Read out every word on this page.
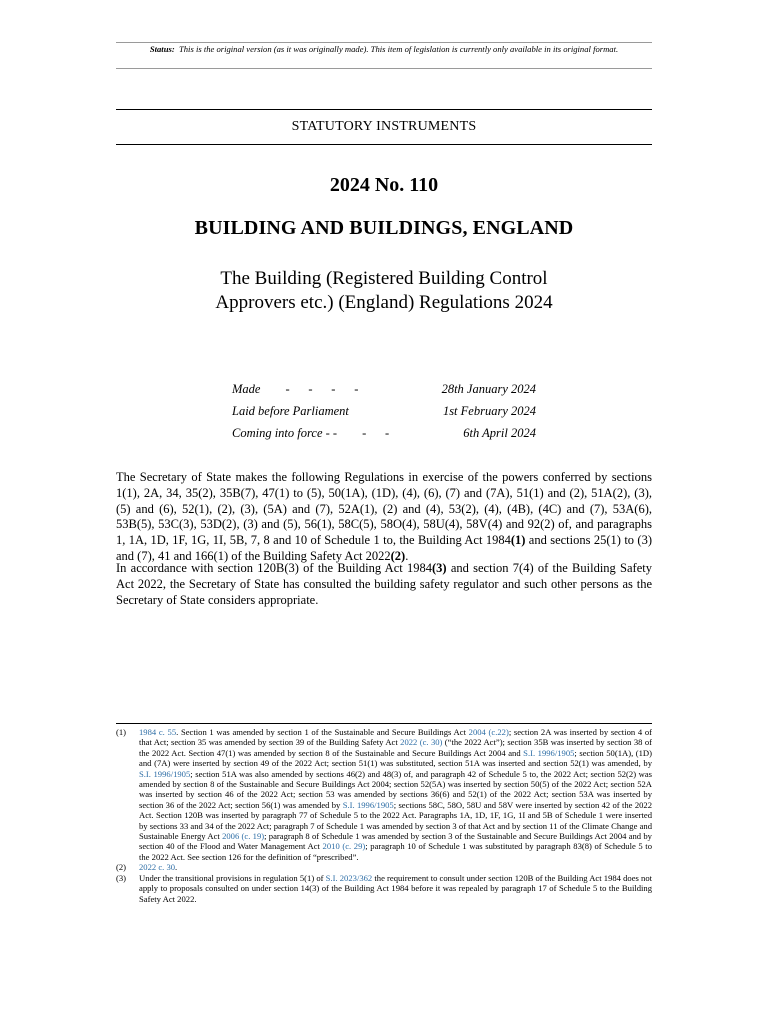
Status: This is the original version (as it was originally made). This item of legislation is currently only available in its original format.
STATUTORY INSTRUMENTS
2024 No. 110
BUILDING AND BUILDINGS, ENGLAND
The Building (Registered Building Control
Approvers etc.) (England) Regulations 2024
Made        -      -      -      -	28th January 2024
Laid before Parliament	1st February 2024
Coming into force - -        -      -	6th April 2024
The Secretary of State makes the following Regulations in exercise of the powers conferred by sections 1(1), 2A, 34, 35(2), 35B(7), 47(1) to (5), 50(1A), (1D), (4), (6), (7) and (7A), 51(1) and (2), 51A(2), (3), (5) and (6), 52(1), (2), (3), (5A) and (7), 52A(1), (2) and (4), 53(2), (4), (4B), (4C) and (7), 53A(6), 53B(5), 53C(3), 53D(2), (3) and (5), 56(1), 58C(5), 58O(4), 58U(4), 58V(4) and 92(2) of, and paragraphs 1, 1A, 1D, 1F, 1G, 1I, 5B, 7, 8 and 10 of Schedule 1 to, the Building Act 1984(1) and sections 25(1) to (3) and (7), 41 and 166(1) of the Building Safety Act 2022(2).
In accordance with section 120B(3) of the Building Act 1984(3) and section 7(4) of the Building Safety Act 2022, the Secretary of State has consulted the building safety regulator and such other persons as the Secretary of State considers appropriate.
(1)	1984 c. 55. Section 1 was amended by section 1 of the Sustainable and Secure Buildings Act 2004 (c.22); section 2A was inserted by section 4 of that Act; section 35 was amended by section 39 of the Building Safety Act 2022 (c. 30) (“the 2022 Act”); section 35B was inserted by section 38 of the 2022 Act. Section 47(1) was amended by section 8 of the Sustainable and Secure Buildings Act 2004 and S.I. 1996/1905; section 50(1A), (1D) and (7A) were inserted by section 49 of the 2022 Act; section 51(1) was substituted, section 51A was inserted and section 52(1) was amended, by S.I. 1996/1905; section 51A was also amended by sections 46(2) and 48(3) of, and paragraph 42 of Schedule 5 to, the 2022 Act; section 52(2) was amended by section 8 of the Sustainable and Secure Buildings Act 2004; section 52(5A) was inserted by section 50(5) of the 2022 Act; section 52A was inserted by section 46 of the 2022 Act; section 53 was amended by sections 36(6) and 52(1) of the 2022 Act; section 53A was inserted by section 36 of the 2022 Act; section 56(1) was amended by S.I. 1996/1905; sections 58C, 58O, 58U and 58V were inserted by section 42 of the 2022 Act. Section 120B was inserted by paragraph 77 of Schedule 5 to the 2022 Act. Paragraphs 1A, 1D, 1F, 1G, 1I and 5B of Schedule 1 were inserted by sections 33 and 34 of the 2022 Act; paragraph 7 of Schedule 1 was amended by section 3 of that Act and by section 11 of the Climate Change and Sustainable Energy Act 2006 (c. 19); paragraph 8 of Schedule 1 was amended by section 3 of the Sustainable and Secure Buildings Act 2004 and by section 40 of the Flood and Water Management Act 2010 (c. 29); paragraph 10 of Schedule 1 was substituted by paragraph 83(8) of Schedule 5 to the 2022 Act. See section 126 for the definition of “prescribed”.
(2)	2022 c. 30.
(3)	Under the transitional provisions in regulation 5(1) of S.I. 2023/362 the requirement to consult under section 120B of the Building Act 1984 does not apply to proposals consulted on under section 14(3) of the Building Act 1984 before it was repealed by paragraph 17 of Schedule 5 to the Building Safety Act 2022.
